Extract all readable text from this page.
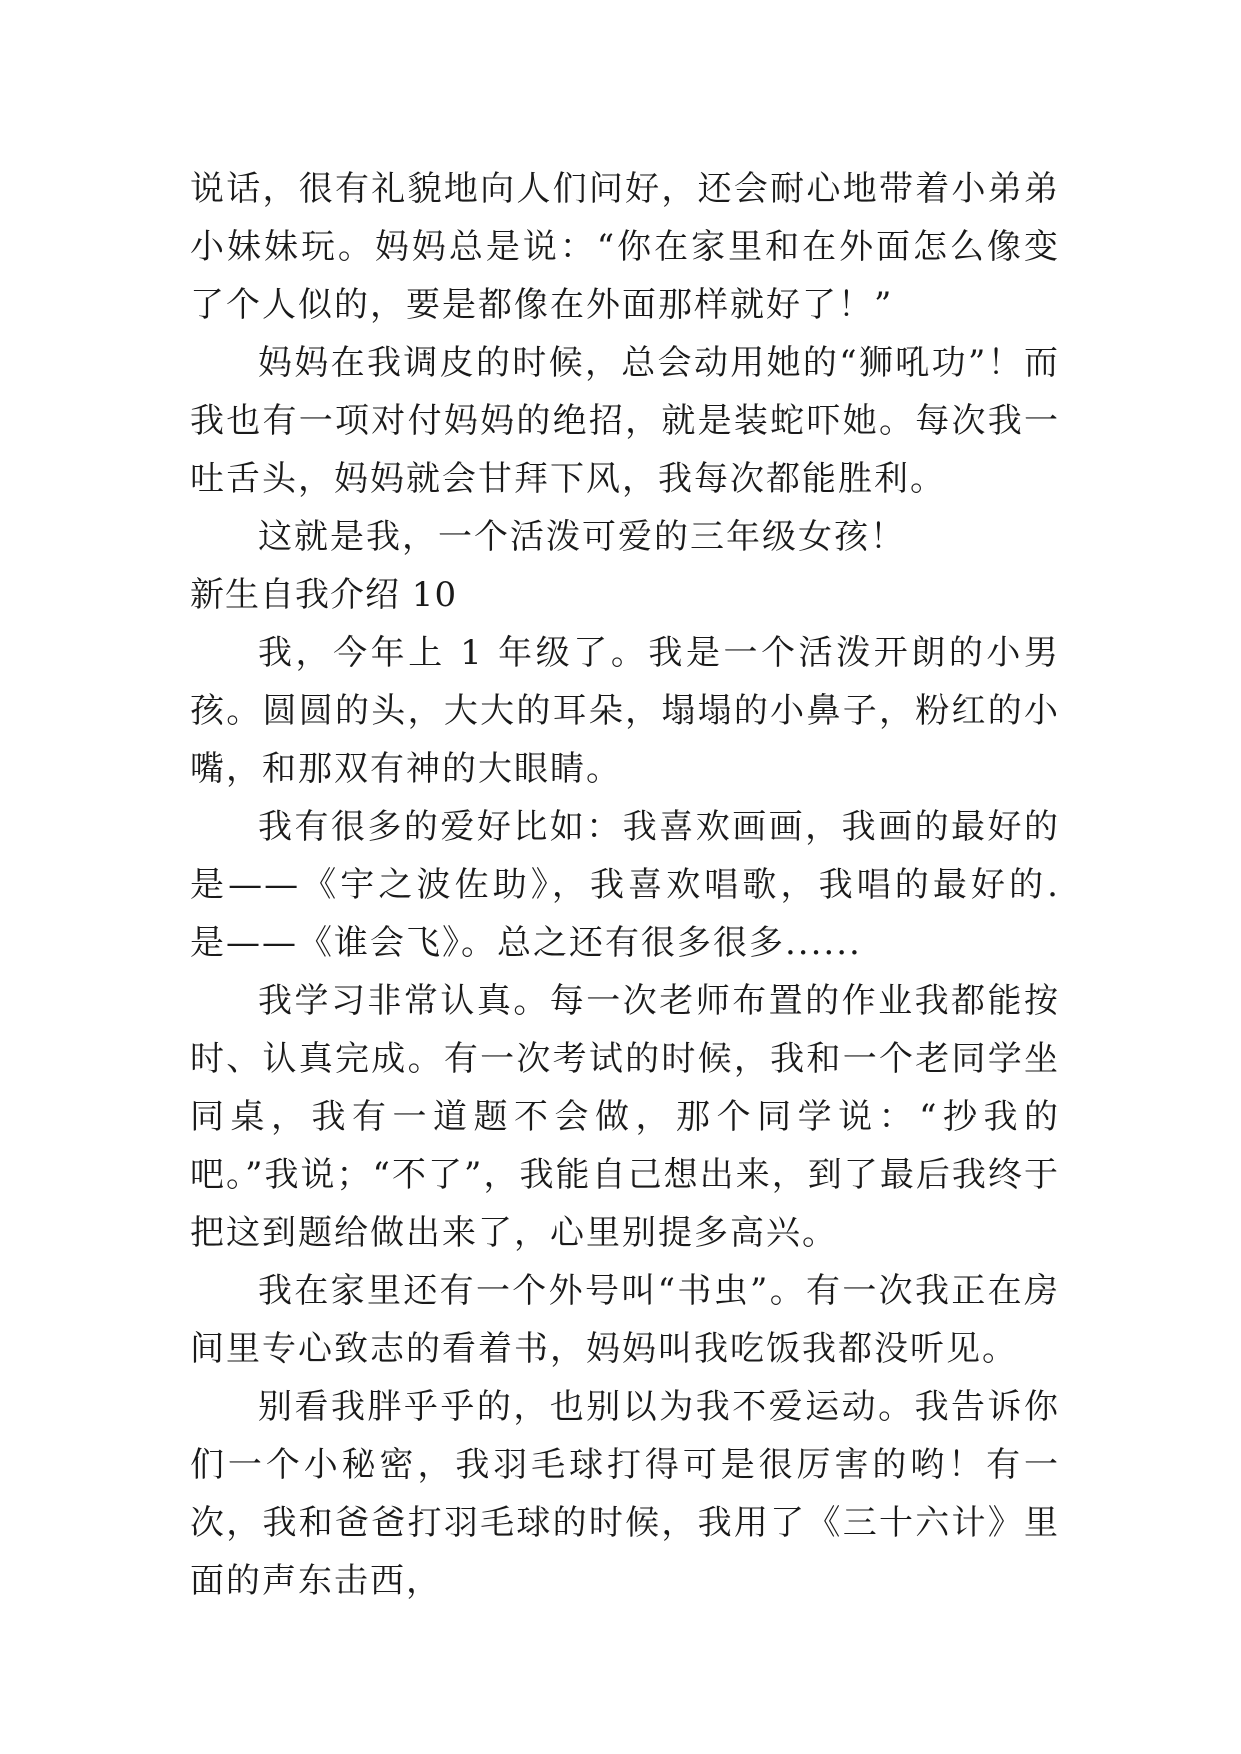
说话，很有礼貌地向人们问好，还会耐心地带着小弟弟小妹妹玩。妈妈总是说：“你在家里和在外面怎么像变了个人似的，要是都像在外面那样就好了！”

妈妈在我调皮的时候，总会动用她的“狮吼功”！而我也有一项对付妈妈的绝招，就是装蛇吓她。每次我一吐舌头，妈妈就会甘拜下风，我每次都能胜利。

这就是我，一个活泼可爱的三年级女孩！

新生自我介绍 10

我，今年上 1 年级了。我是一个活泼开朗的小男孩。圆圆的头，大大的耳朵，塌塌的小鼻子，粉红的小嘴，和那双有神的大眼睛。

我有很多的爱好比如：我喜欢画画，我画的最好的是——《宇之波佐助》，我喜欢唱歌，我唱的最好的. 是——《谁会飞》。总之还有很多很多......

我学习非常认真。每一次老师布置的作业我都能按时、认真完成。有一次考试的时候，我和一个老同学坐同桌，我有一道题不会做，那个同学说：“抄我的吧。”我说；“不了”，我能自己想出来，到了最后我终于把这到题给做出来了，心里别提多高兴。

我在家里还有一个外号叫“书虫”。有一次我正在房间里专心致志的看着书，妈妈叫我吃饭我都没听见。

别看我胖乎乎的，也别以为我不爱运动。我告诉你们一个小秘密，我羽毛球打得可是很厉害的哟！有一次，我和爸爸打羽毛球的时候，我用了《三十六计》里面的声东击西，
